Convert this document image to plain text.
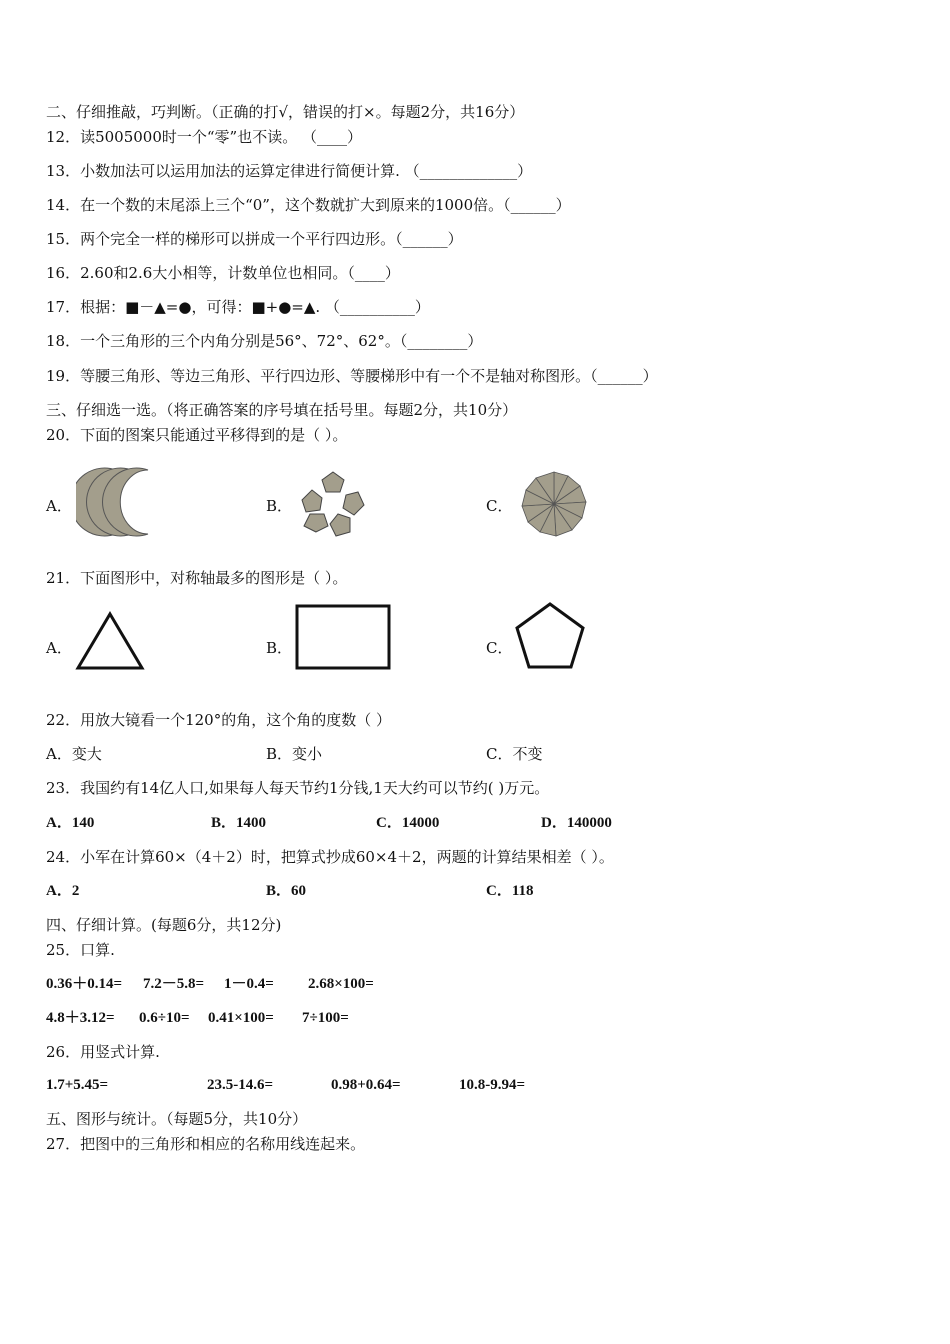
二、仔细推敲，巧判断。（正确的打√，错误的打×。每题2分，共16分）
12．读5005000时一个“零”也不读。 （____）
13．小数加法可以运用加法的运算定律进行简便计算. （_____________）
14．在一个数的末尾添上三个“0”，这个数就扩大到原来的1000倍。（______）
15．两个完全一样的梯形可以拼成一个平行四边形。（______）
16．2.60和2.6大小相等，计数单位也相同。（____）
17．根据：■－▲=●，可得：■+●=▲. （__________）
18．一个三角形的三个内角分别是56°、72°、62°。（________）
19．等腰三角形、等边三角形、平行四边形、等腰梯形中有一个不是轴对称图形。（______）
三、仔细选一选。（将正确答案的序号填在括号里。每题2分，共10分）
20．下面的图案只能通过平移得到的是（ ）。
A．	B．	C．
21．下面图形中，对称轴最多的图形是（ ）。
A．	B．	C．
22．用放大镜看一个120°的角，这个角的度数（ ）
A．变大	B．变小	C．不变
23．我国约有14亿人口,如果每人每天节约1分钱,1天大约可以节约( )万元。
A．140	B．1400	C．14000	D．140000
24．小军在计算60×（4＋2）时，把算式抄成60×4＋2，两题的计算结果相差（ ）。
A．2	B．60	C．118
四、仔细计算。(每题6分，共12分)
25．口算.
0.36＋0.14= 7.2－5.8= 1－0.4= 2.68×100=
4.8＋3.12= 0.6÷10= 0.41×100= 7÷100=
26．用竖式计算.
1.7+5.45=	23.5-14.6=	0.98+0.64=	10.8-9.94=
五、图形与统计。（每题5分，共10分）
27．把图中的三角形和相应的名称用线连起来。
